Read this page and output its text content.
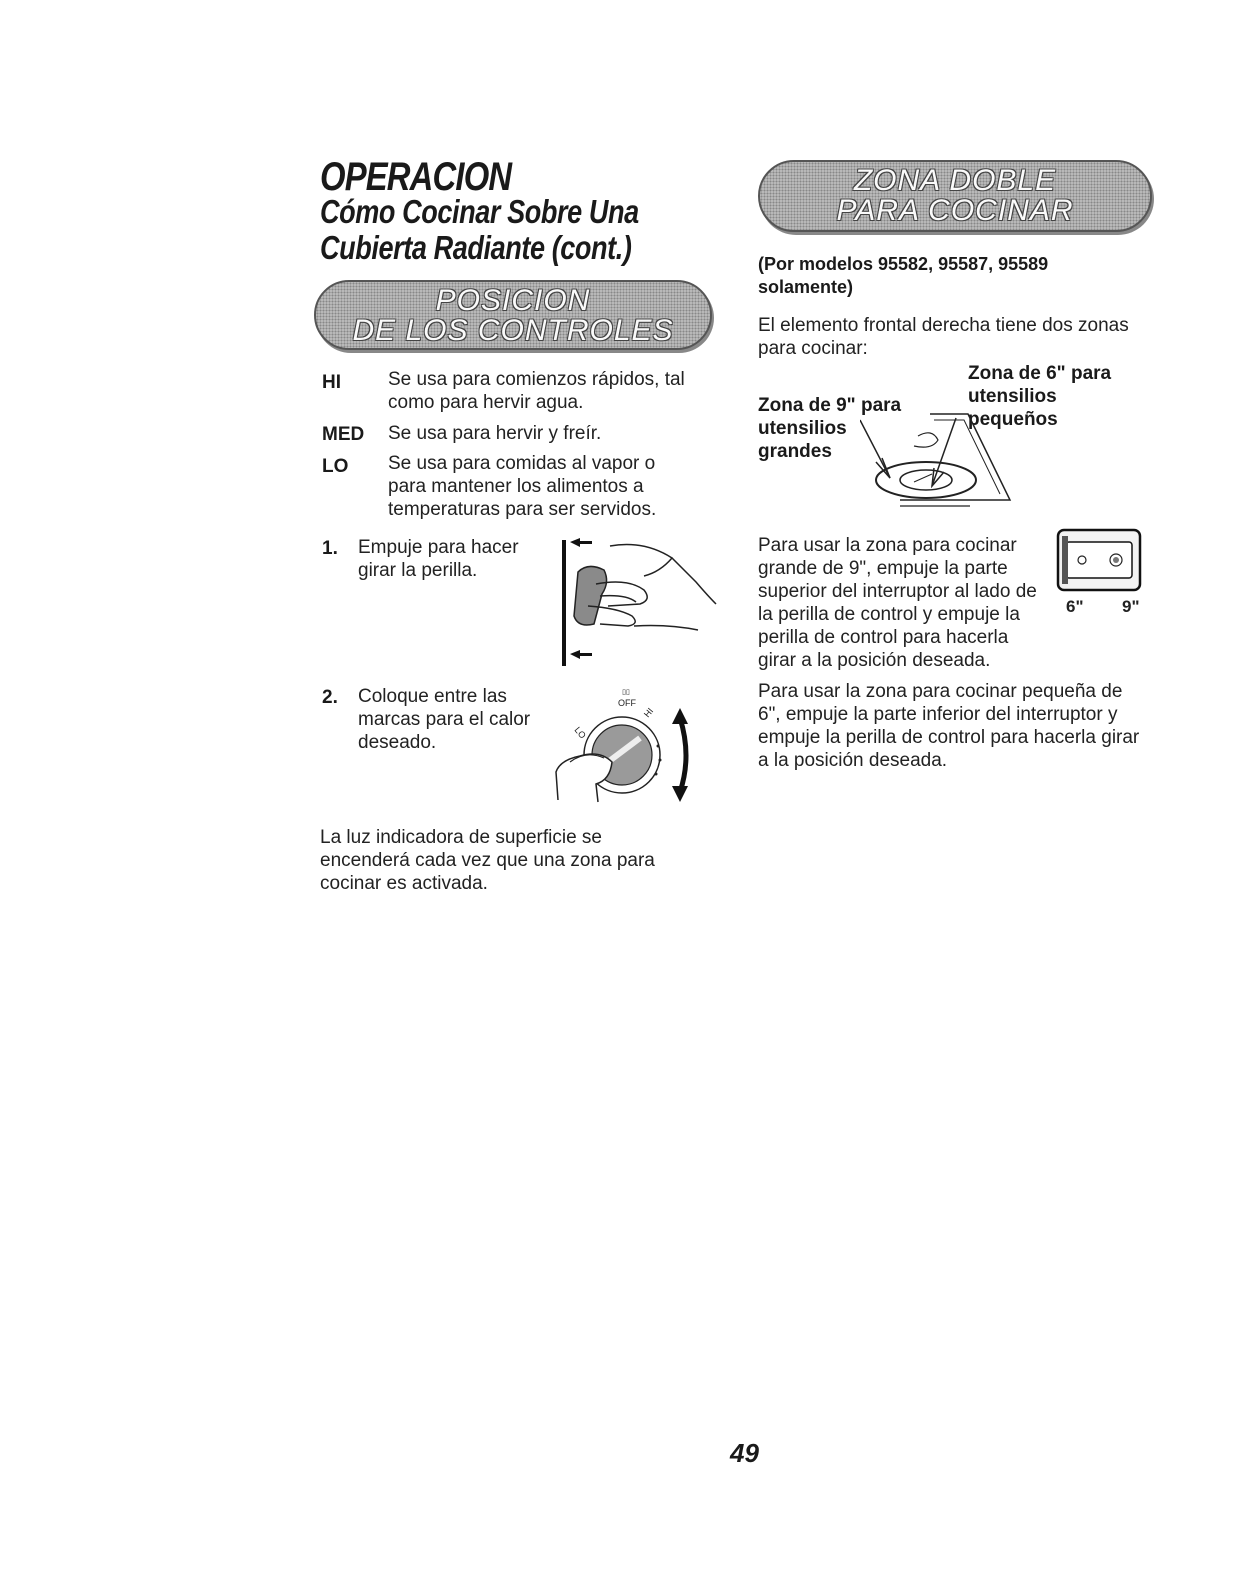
OPERACION
Cómo Cocinar Sobre Una
Cubierta Radiante (cont.)
POSICION
DE LOS CONTROLES
HI Se usa para comienzos rápidos, tal como para hervir agua.
MED Se usa para hervir y freír.
LO Se usa para comidas al vapor o para mantener los alimentos a temperaturas para ser servidos.
1. Empuje para hacer girar la perilla.
2. Coloque entre las marcas para el calor deseado.
▯▯
OFF
LO
HI
La luz indicadora de superficie se encenderá cada vez que una zona para cocinar es activada.
ZONA DOBLE
PARA COCINAR
(Por modelos 95582, 95587, 95589 solamente)
El elemento frontal derecha tiene dos zonas para cocinar:
Zona de 9" para utensilios grandes
Zona de 6" para utensilios pequeños
Para usar la zona para cocinar grande de 9", empuje la parte superior del interruptor al lado de la perilla de control y empuje la perilla de control para hacerla girar a la posición deseada.
6" 9"
Para usar la zona para cocinar pequeña de 6", empuje la parte inferior del interruptor y empuje la perilla de control para hacerla girar a la posición deseada.
49
